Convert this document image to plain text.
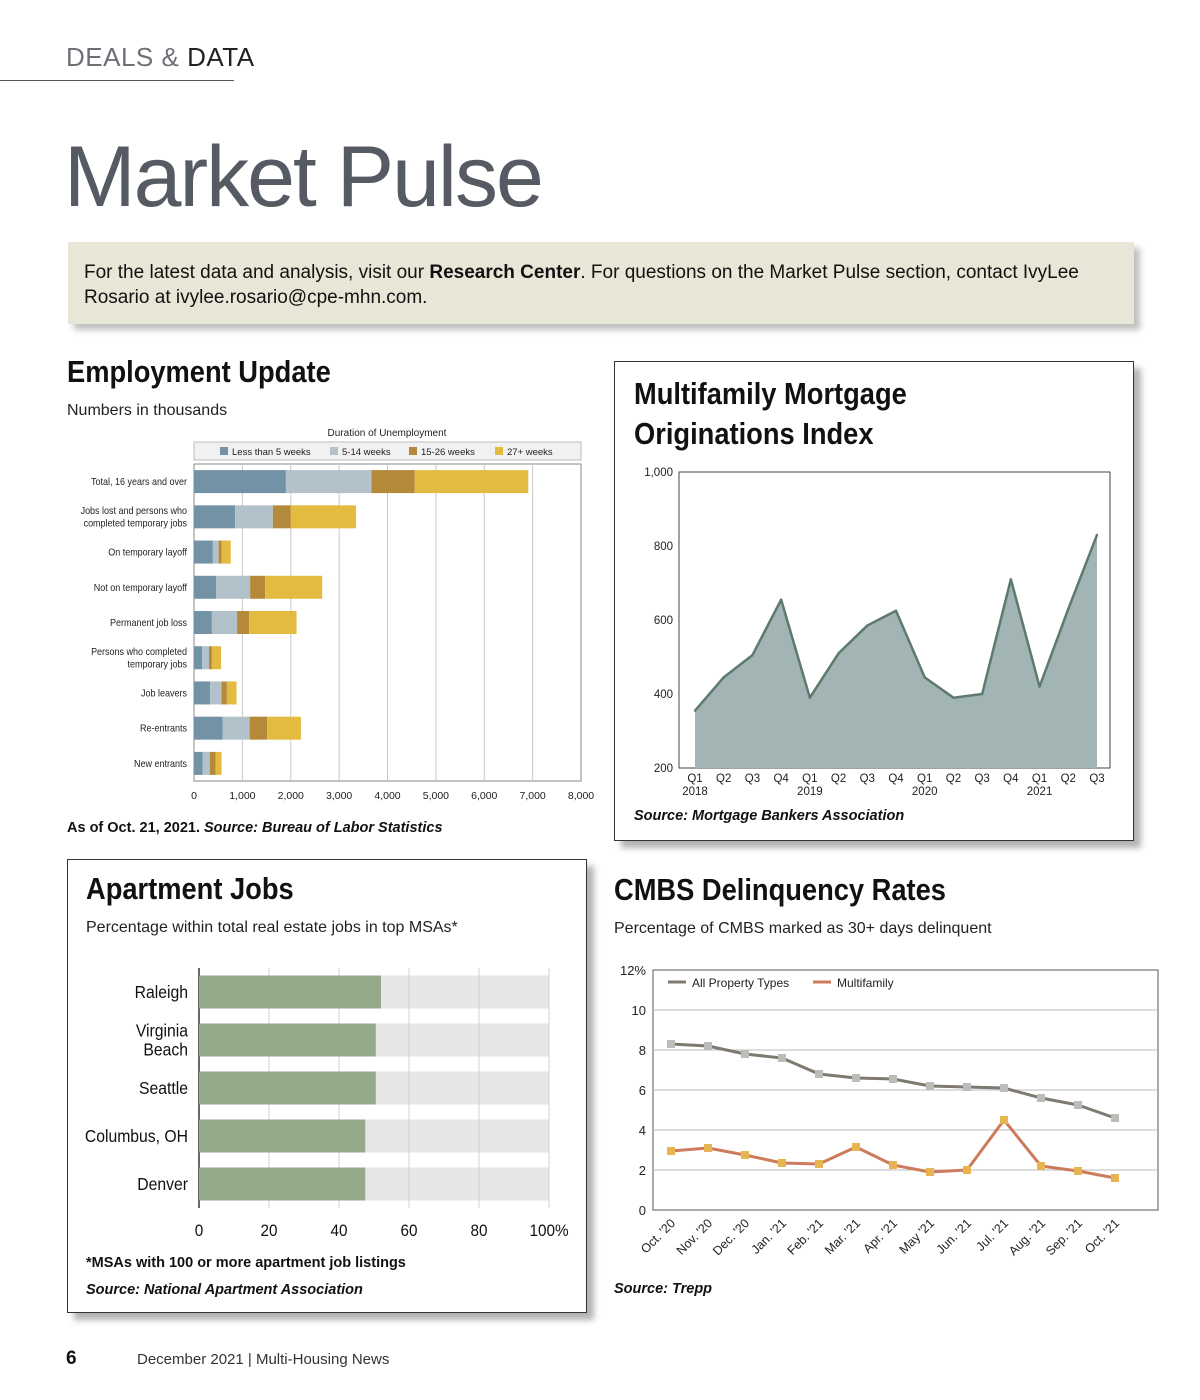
DEALS & DATA
Market Pulse
For the latest data and analysis, visit our Research Center. For questions on the Market Pulse section, contact IvyLee Rosario at ivylee.rosario@cpe-mhn.com.
Employment Update
Numbers in thousands
Duration of Unemployment
Less than 5 weeks	5-14 weeks	15-26 weeks	27+ weeks
Total, 16 years and over
Jobs lost and persons who
completed temporary jobs
On temporary layoff
Not on temporary layoff
Permanent job loss
Persons who completed
temporary jobs
Job leavers
Re-entrants
New entrants
0	1,000 2,000 3,000 4,000 5,000 6,000 7,000 8,000
As of Oct. 21, 2021. Source: Bureau of Labor Statistics
Multifamily Mortgage
Originations Index
200
400
600
800
1,000
Q1 Q2 Q3 Q4 Q1 Q2 Q3 Q4 Q1 Q2 Q3 Q4 Q1 Q2 Q3
2018	2019	2020	2021
Source: Mortgage Bankers Association
Apartment Jobs
Percentage within total real estate jobs in top MSAs*
Raleigh
Virginia
Beach
Seattle
Columbus, OH
Denver
0	20	40	60	80 100%
*MSAs with 100 or more apartment job listings
Source: National Apartment Association
CMBS Delinquency Rates
Percentage of CMBS marked as 30+ days delinquent
All Property Types	Multifamily
0
2
4
6
8
10
12%
Oct. '20
Nov. '20
Dec. '20
Jan. '21
Feb. '21
Mar. '21
Apr. '21
May '21
Jun. '21 Jul. '21
Aug. '21
Sep. '21
Oct. '21
Source: Trepp
6	December 2021 | Multi-Housing News
